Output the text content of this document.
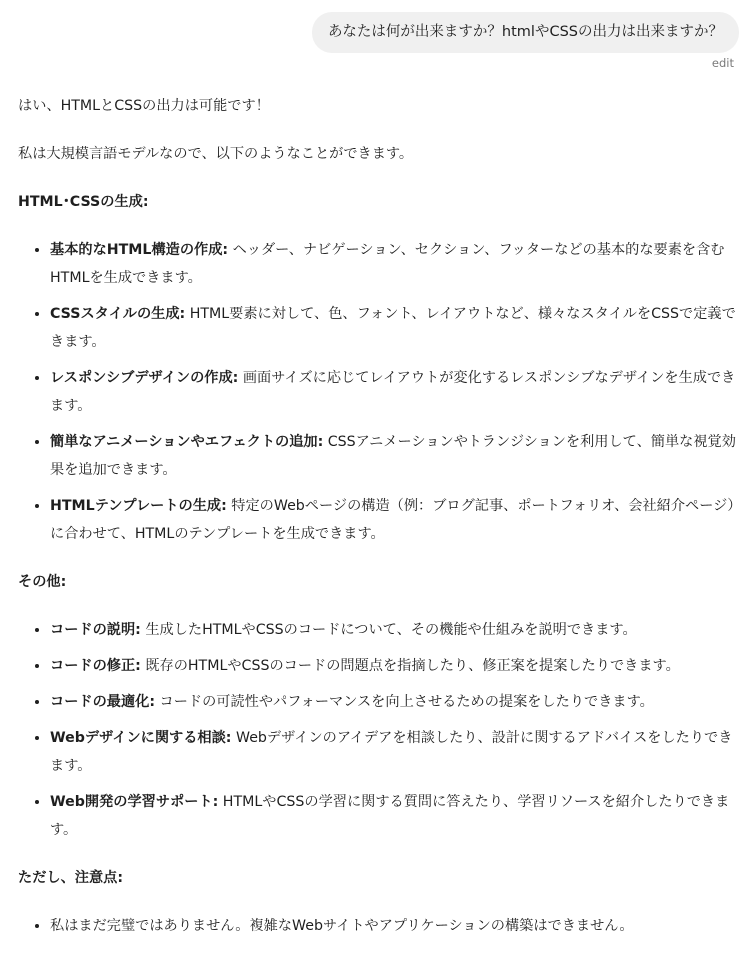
あなたは何が出来ますか？htmlやCSSの出力は出来ますか？
edit

はい、HTMLとCSSの出力は可能です！

私は大規模言語モデルなので、以下のようなことができます。

HTML･CSSの生成:
• 基本的なHTML構造の作成: ヘッダー、ナビゲーション、セクション、フッターなどの基本的な要素を含むHTMLを生成できます。
• CSSスタイルの生成: HTML要素に対して、色、フォント、レイアウトなど、様々なスタイルをCSSで定義できます。
• レスポンシブデザインの作成: 画面サイズに応じてレイアウトが変化するレスポンシブなデザインを生成できます。
• 簡単なアニメーションやエフェクトの追加: CSSアニメーションやトランジションを利用して、簡単な視覚効果を追加できます。
• HTMLテンプレートの生成: 特定のWebページの構造（例：ブログ記事、ポートフォリオ、会社紹介ページ）に合わせて、HTMLのテンプレートを生成できます。
その他:
• コードの説明: 生成したHTMLやCSSのコードについて、その機能や仕組みを説明できます。
• コードの修正: 既存のHTMLやCSSのコードの問題点を指摘したり、修正案を提案したりできます。
• コードの最適化: コードの可読性やパフォーマンスを向上させるための提案をしたりできます。
• Webデザインに関する相談: Webデザインのアイデアを相談したり、設計に関するアドバイスをしたりできます。
• Web開発の学習サポート: HTMLやCSSの学習に関する質問に答えたり、学習リソースを紹介したりできます。
ただし、注意点:
• 私はまだ完璧ではありません。複雑なWebサイトやアプリケーションの構築はできません。
